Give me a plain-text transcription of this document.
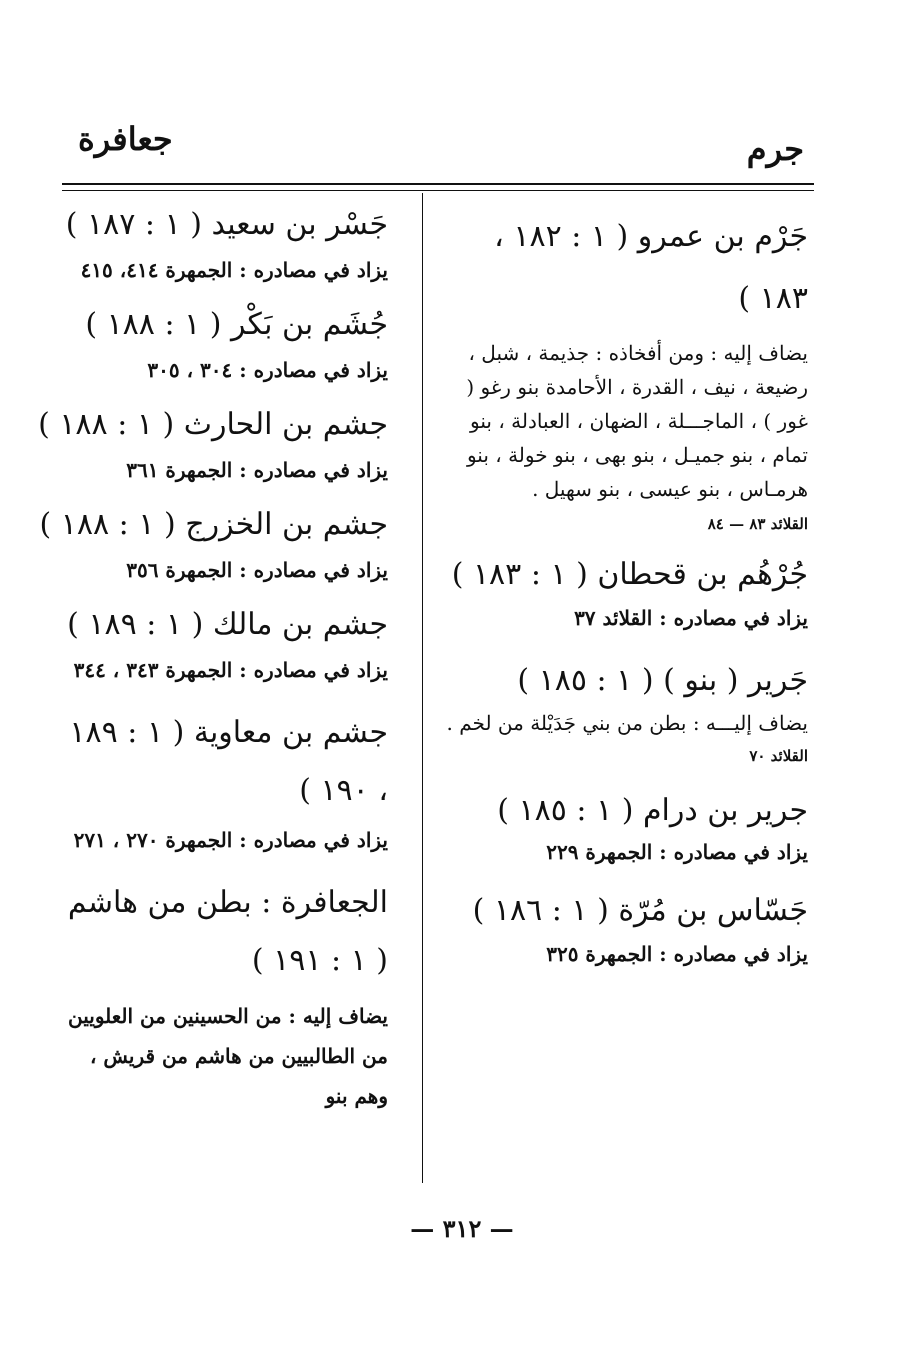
جرم
جعافرة
جَرْم بن عمرو ( ١ : ١٨٢ ، ١٨٣ )
يضاف إليه : ومن أفخاذه : جذيمة ، شبل ، رضيعة ، نيف ، القدرة ، الأحامدة بنو رغو ( غور ) ، الماجـــلة ، الضهان ، العبادلة ، بنو تمام ، بنو جميـل ، بنو بهى ، بنو خولة ، بنو هرمـاس ، بنو عيسى ، بنو سهيل .
القلائد ٨٣ — ٨٤
جُرْهُم بن قحطان ( ١ : ١٨٣ )
يزاد في مصادره : القلائد ٣٧
جَرير ( بنو ) ( ١ : ١٨٥ )
يضاف إليـــه : بطن من بني جَدَيْلة من لخم .
القلائد ٧٠
جرير بن درام ( ١ : ١٨٥ )
يزاد في مصادره : الجمهرة ٢٢٩
جَسّاس بن مُرّة ( ١ : ١٨٦ )
يزاد في مصادره : الجمهرة ٣٢٥
جَسْر بن سعيد ( ١ : ١٨٧ )
يزاد في مصادره : الجمهرة ٤١٤، ٤١٥
جُشَم بن بَكْر ( ١ : ١٨٨ )
يزاد في مصادره : ٣٠٤ ، ٣٠٥
جشم بن الحارث ( ١ : ١٨٨ )
يزاد في مصادره : الجمهرة ٣٦١
جشم بن الخزرج ( ١ : ١٨٨ )
يزاد في مصادره : الجمهرة ٣٥٦
جشم بن مالك ( ١ : ١٨٩ )
يزاد في مصادره : الجمهرة ٣٤٣ ، ٣٤٤
جشم بن معاوية ( ١ : ١٨٩ ، ١٩٠ )
يزاد في مصادره : الجمهرة ٢٧٠ ، ٢٧١
الجعافرة : بطن من هاشم ( ١ : ١٩١ )
يضاف إليه : من الحسينين من العلويين من الطالبيين من هاشم من قريش ، وهم بنو
— ٣١٢ —
